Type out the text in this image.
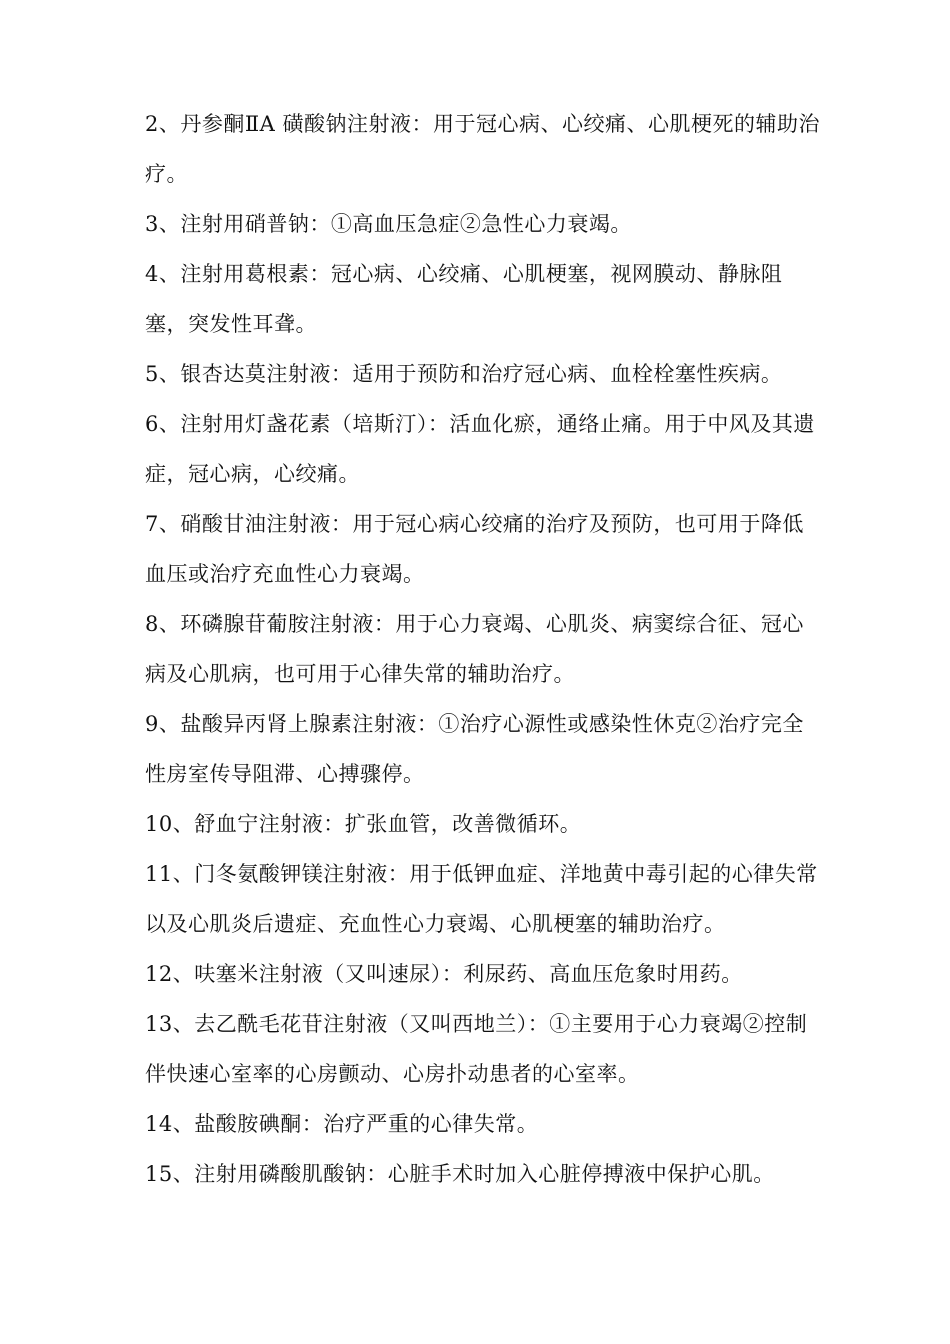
2、丹参酮ⅡA 磺酸钠注射液：用于冠心病、心绞痛、心肌梗死的辅助治疗。

3、注射用硝普钠：①高血压急症②急性心力衰竭。

4、注射用葛根素：冠心病、心绞痛、心肌梗塞，视网膜动、静脉阻塞，突发性耳聋。

5、银杏达莫注射液：适用于预防和治疗冠心病、血栓栓塞性疾病。

6、注射用灯盏花素（培斯汀）：活血化瘀，通络止痛。用于中风及其遗症，冠心病，心绞痛。

7、硝酸甘油注射液：用于冠心病心绞痛的治疗及预防，也可用于降低血压或治疗充血性心力衰竭。

8、环磷腺苷葡胺注射液：用于心力衰竭、心肌炎、病窦综合征、冠心病及心肌病，也可用于心律失常的辅助治疗。

9、盐酸异丙肾上腺素注射液：①治疗心源性或感染性休克②治疗完全性房室传导阻滞、心搏骤停。

10、舒血宁注射液：扩张血管，改善微循环。

11、门冬氨酸钾镁注射液：用于低钾血症、洋地黄中毒引起的心律失常以及心肌炎后遗症、充血性心力衰竭、心肌梗塞的辅助治疗。

12、呋塞米注射液（又叫速尿）：利尿药、高血压危象时用药。

13、去乙酰毛花苷注射液（又叫西地兰）：①主要用于心力衰竭②控制伴快速心室率的心房颤动、心房扑动患者的心室率。

14、盐酸胺碘酮：治疗严重的心律失常。

15、注射用磷酸肌酸钠：心脏手术时加入心脏停搏液中保护心肌。
